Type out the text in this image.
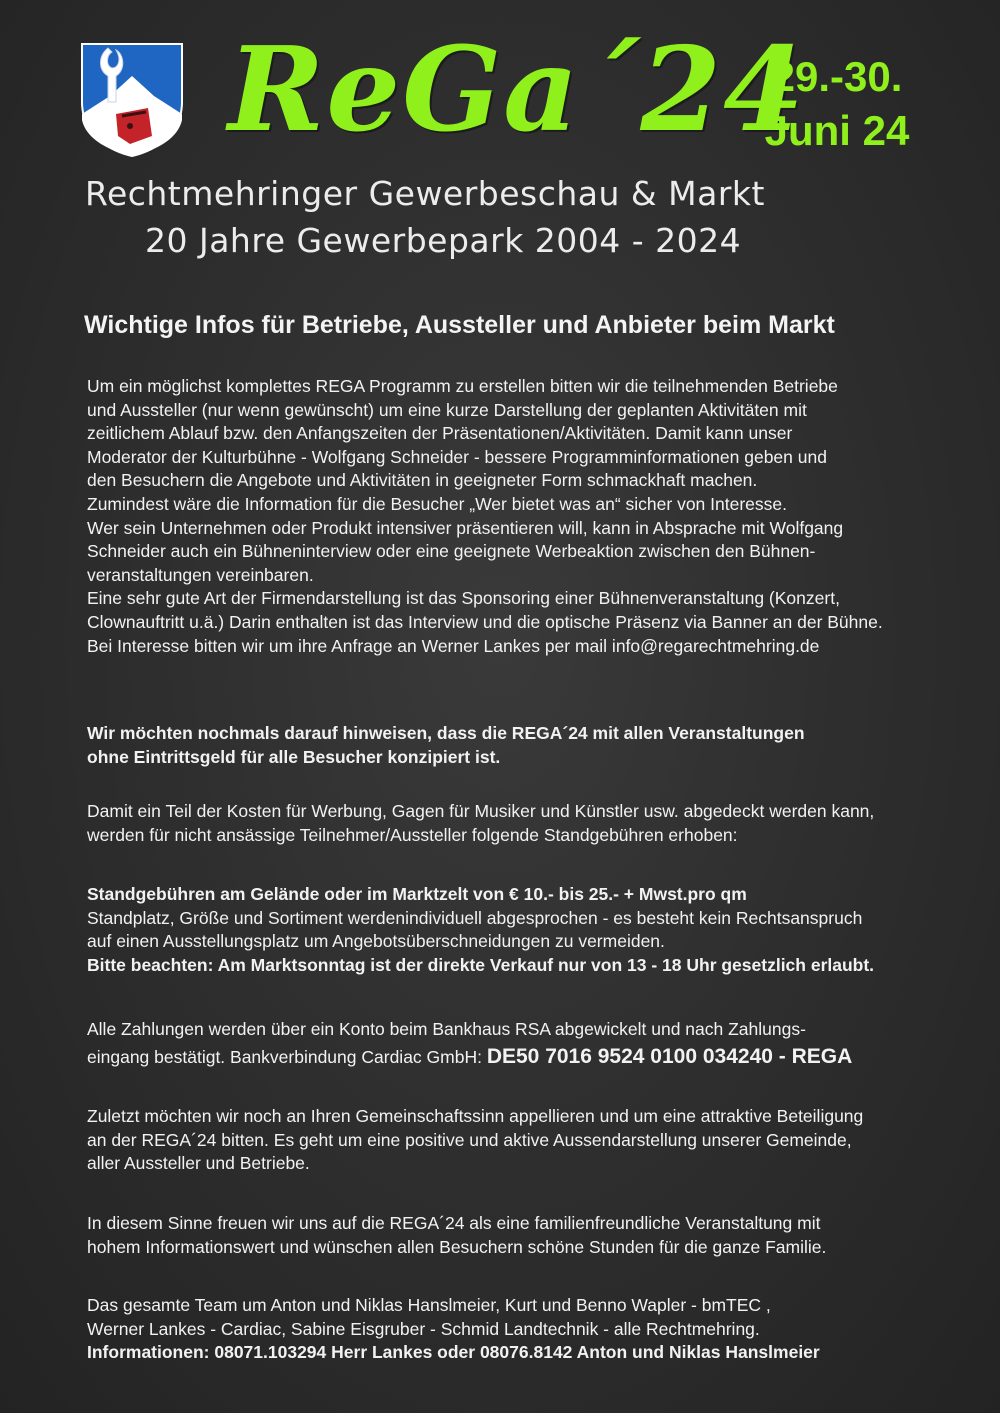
ReGa´24
29.-30.
Juni 24
Rechtmehringer Gewerbeschau & Markt
20 Jahre Gewerbepark 2004 - 2024
Wichtige Infos für Betriebe, Aussteller und Anbieter beim Markt
Um ein möglichst komplettes REGA Programm zu erstellen bitten wir die teilnehmenden Betriebe
und Aussteller (nur wenn gewünscht) um eine kurze Darstellung der geplanten Aktivitäten mit
zeitlichem Ablauf bzw. den Anfangszeiten der Präsentationen/Aktivitäten. Damit kann unser
Moderator der Kulturbühne - Wolfgang Schneider - bessere Programminformationen geben und
den Besuchern die Angebote und Aktivitäten in geeigneter Form schmackhaft machen.
Zumindest wäre die Information für die Besucher „Wer bietet was an“ sicher von Interesse.
Wer sein Unternehmen oder Produkt intensiver präsentieren will, kann in Absprache mit Wolfgang
Schneider auch ein Bühneninterview oder eine geeignete Werbeaktion zwischen den Bühnen-
veranstaltungen vereinbaren.
Eine sehr gute Art der Firmendarstellung ist das Sponsoring einer Bühnenveranstaltung (Konzert,
Clownauftritt u.ä.) Darin enthalten ist das Interview und die optische Präsenz via Banner an der Bühne.
Bei Interesse bitten wir um ihre Anfrage an Werner Lankes per mail info@regarechtmehring.de
Wir möchten nochmals darauf hinweisen, dass die REGA´24 mit allen Veranstaltungen
ohne Eintrittsgeld für alle Besucher konzipiert ist.
Damit ein Teil der Kosten für Werbung, Gagen für Musiker und Künstler usw. abgedeckt werden kann,
werden für nicht ansässige Teilnehmer/Aussteller folgende Standgebühren erhoben:
Standgebühren am Gelände oder im Marktzelt von € 10.- bis 25.- + Mwst.pro qm
Standplatz, Größe und Sortiment werdenindividuell abgesprochen - es besteht kein Rechtsanspruch
auf einen Ausstellungsplatz um Angebotsüberschneidungen zu vermeiden.
Bitte beachten: Am Marktsonntag ist der direkte Verkauf nur von 13 - 18 Uhr gesetzlich erlaubt.
Alle Zahlungen werden über ein Konto beim Bankhaus RSA abgewickelt und nach Zahlungs-
eingang bestätigt. Bankverbindung Cardiac GmbH: DE50 7016 9524 0100 034240 - REGA
Zuletzt möchten wir noch an Ihren Gemeinschaftssinn appellieren und um eine attraktive Beteiligung
an der REGA´24 bitten. Es geht um eine positive und aktive Aussendarstellung unserer Gemeinde,
aller Aussteller und Betriebe.
In diesem Sinne freuen wir uns auf die REGA´24 als eine familienfreundliche Veranstaltung mit
hohem Informationswert und wünschen allen Besuchern schöne Stunden für die ganze Familie.
Das gesamte Team um Anton und Niklas Hanslmeier, Kurt und Benno Wapler - bmTEC ,
Werner Lankes - Cardiac, Sabine Eisgruber - Schmid Landtechnik - alle Rechtmehring.
Informationen: 08071.103294 Herr Lankes oder 08076.8142 Anton und Niklas Hanslmeier
